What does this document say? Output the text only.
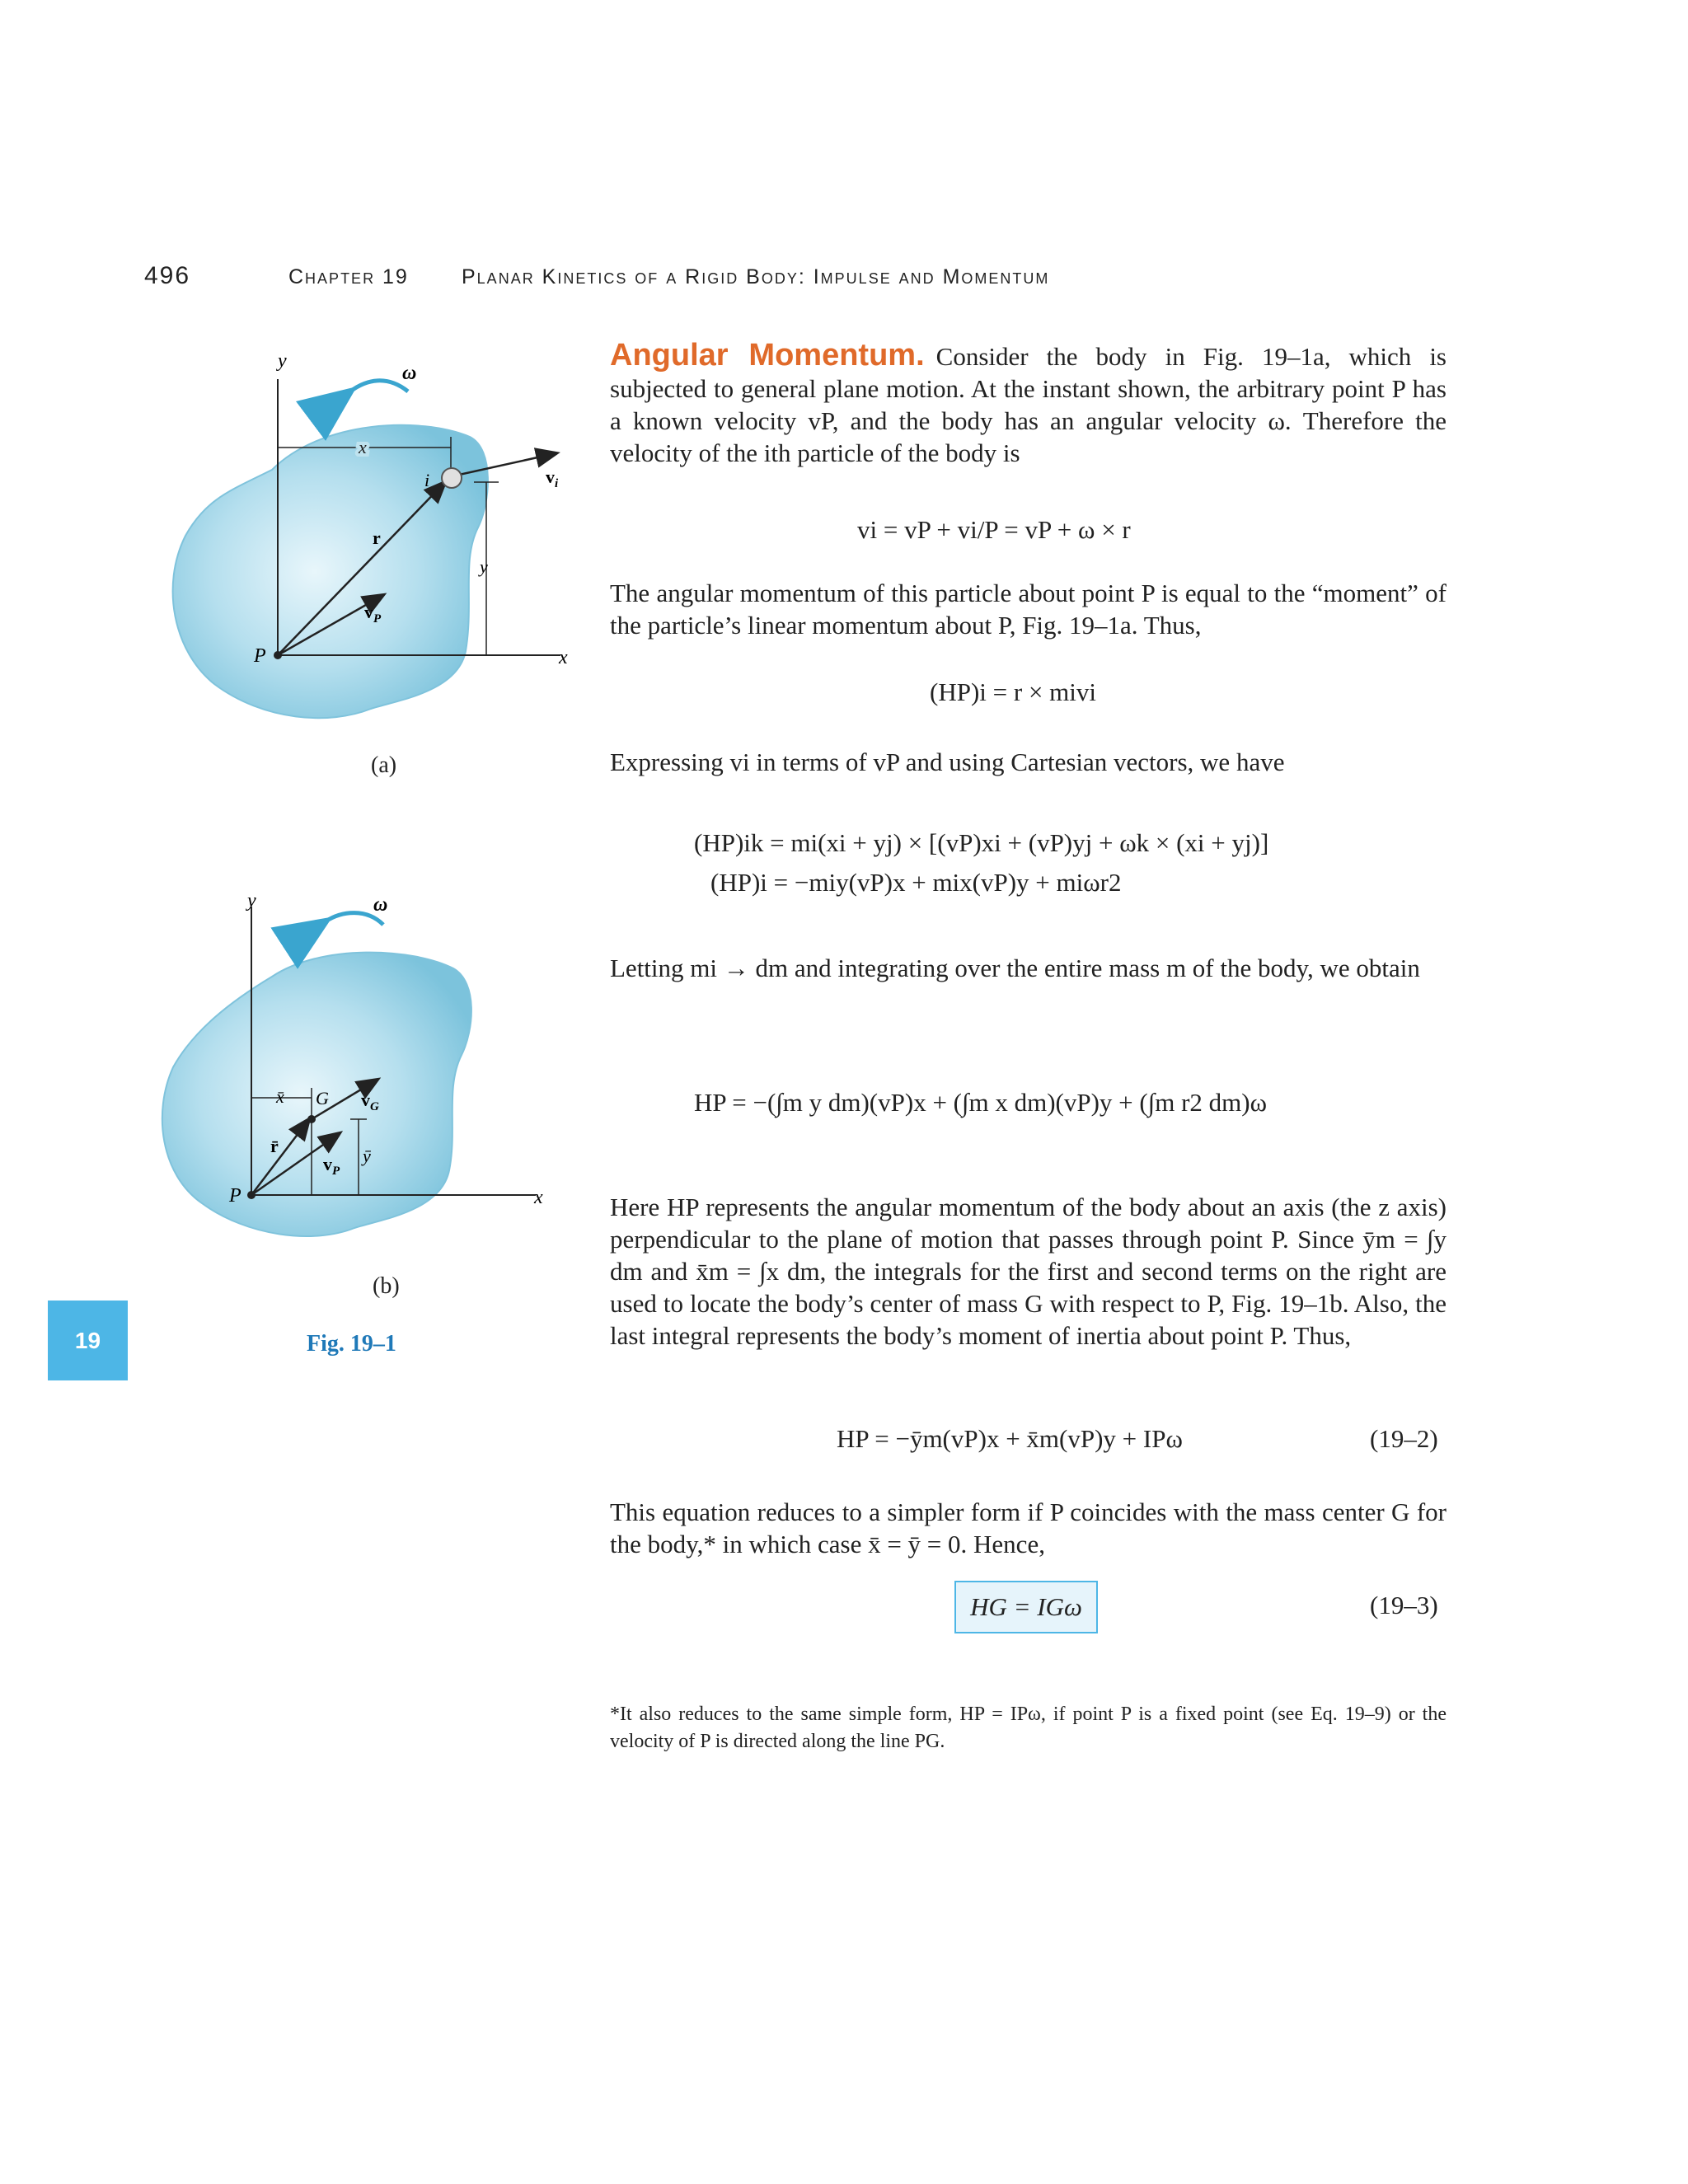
496	Chapter 19	Planar Kinetics of a Rigid Body: Impulse and Momentum
19
y
ω
x
i	$v_i$
r
$v_P$
y
P	x
(a)
y	ω
x̄ G $v_G$
r̄
$v_P$
ȳ
P	x
(b)
Fig. 19–1
Angular Momentum. Consider the body in Fig. 19–1a, which is subjected to general plane motion. At the instant shown, the arbitrary point P has a known velocity vP, and the body has an angular velocity ω. Therefore the velocity of the ith particle of the body is
vi = vP + vi/P = vP + ω × r
The angular momentum of this particle about point P is equal to the “moment” of the particle’s linear momentum about P, Fig. 19–1a. Thus,
(HP)i = r × mivi
Expressing vi in terms of vP and using Cartesian vectors, we have
(HP)ik = mi(xi + yj) × [(vP)xi + (vP)yj + ωk × (xi + yj)]
(HP)i = −miy(vP)x + mix(vP)y + miωr2
Letting mi → dm and integrating over the entire mass m of the body, we obtain
HP = −(∫m y dm)(vP)x + (∫m x dm)(vP)y + (∫m r2 dm)ω
Here HP represents the angular momentum of the body about an axis (the z axis) perpendicular to the plane of motion that passes through point P. Since ȳm = ∫y dm and x̄m = ∫x dm, the integrals for the first and second terms on the right are used to locate the body’s center of mass G with respect to P, Fig. 19–1b. Also, the last integral represents the body’s moment of inertia about point P. Thus,
HP = −ȳm(vP)x + x̄m(vP)y + IPω	(19–2)
This equation reduces to a simpler form if P coincides with the mass center G for the body,* in which case x̄ = ȳ = 0. Hence,
HG = IGω	(19–3)
*It also reduces to the same simple form, HP = IPω, if point P is a fixed point (see Eq. 19–9) or the velocity of P is directed along the line PG.
